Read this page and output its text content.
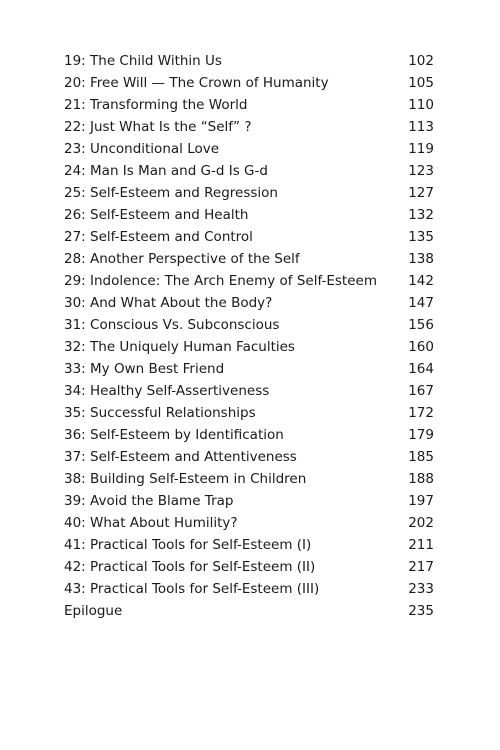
19: The Child Within Us	102
20: Free Will — The Crown of Humanity	105
21: Transforming the World	110
22: Just What Is the “Self” ?	113
23: Unconditional Love	119
24: Man Is Man and G-d Is G-d	123
25: Self-Esteem and Regression	127
26: Self-Esteem and Health	132
27: Self-Esteem and Control	135
28: Another Perspective of the Self	138
29: Indolence: The Arch Enemy of Self-Esteem	142
30: And What About the Body?	147
31: Conscious Vs. Subconscious	156
32: The Uniquely Human Faculties	160
33: My Own Best Friend	164
34: Healthy Self-Assertiveness	167
35: Successful Relationships	172
36: Self-Esteem by Identification	179
37: Self-Esteem and Attentiveness	185
38: Building Self-Esteem in Children	188
39: Avoid the Blame Trap	197
40: What About Humility?	202
41: Practical Tools for Self-Esteem (I)	211
42: Practical Tools for Self-Esteem (II)	217
43: Practical Tools for Self-Esteem (III)	233
Epilogue	235
